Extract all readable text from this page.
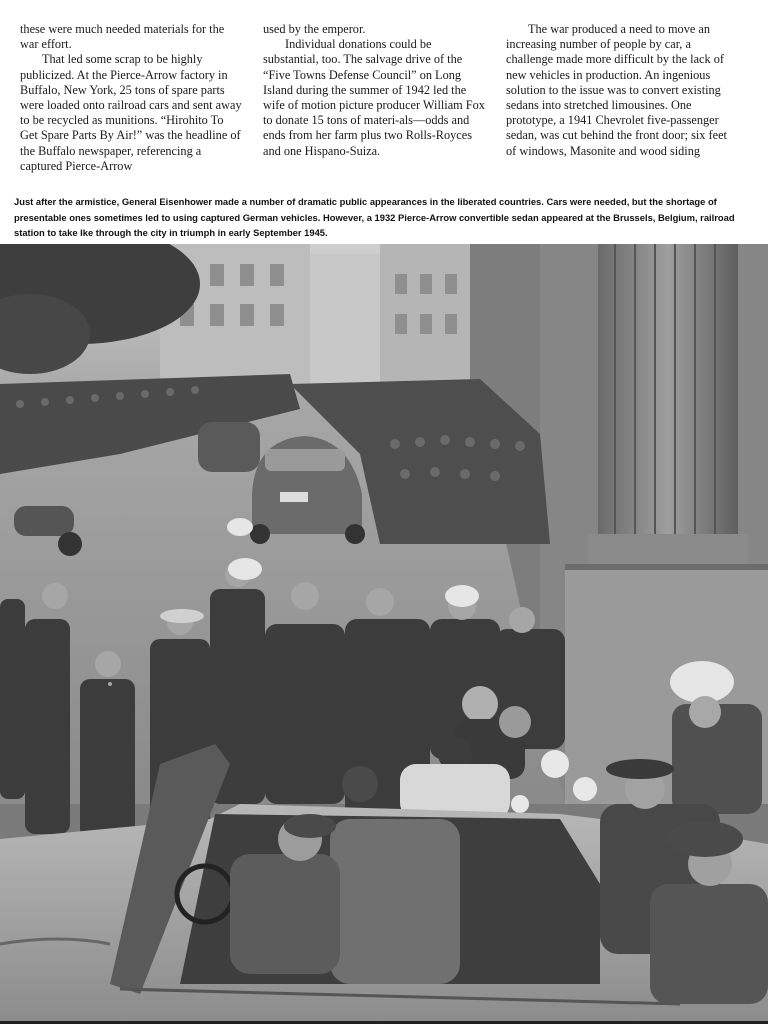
these were much needed materials for the war effort.

That led some scrap to be highly publicized. At the Pierce-Arrow factory in Buffalo, New York, 25 tons of spare parts were loaded onto railroad cars and sent away to be recycled as munitions. “Hirohito To Get Spare Parts By Air!” was the headline of the Buffalo newspaper, referencing a captured Pierce-Arrow

used by the emperor.

Individual donations could be substantial, too. The salvage drive of the “Five Towns Defense Council” on Long Island during the summer of 1942 led the wife of motion picture producer William Fox to donate 15 tons of materi-als—odds and ends from her farm plus two Rolls-Royces and one Hispano-Suiza.

The war produced a need to move an increasing number of people by car, a challenge made more difficult by the lack of new vehicles in production. An ingenious solution to the issue was to convert existing sedans into stretched limousines. One prototype, a 1941 Chevrolet five-passenger sedan, was cut behind the front door; six feet of windows, Masonite and wood siding

Just after the armistice, General Eisenhower made a number of dramatic public appearances in the liberated countries. Cars were needed, but the shortage of presentable ones sometimes led to using captured German vehicles. However, a 1932 Pierce-Arrow convertible sedan appeared at the Brussels, Belgium, railroad station to take Ike through the city in triumph in early September 1945.
